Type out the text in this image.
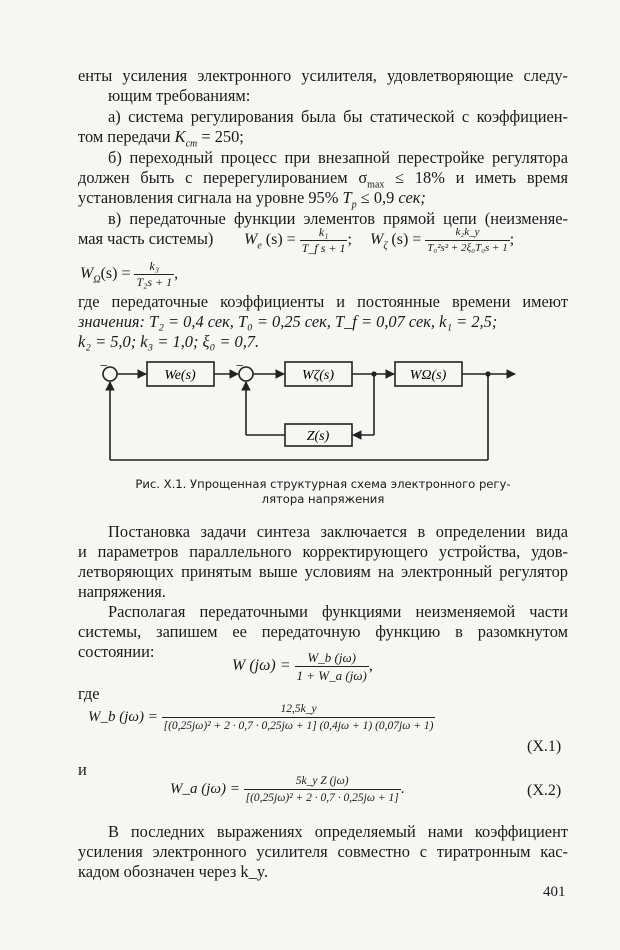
енты усиления электронного усилителя, удовлетворяющие следу-
ющим требованиям:
а) система регулирования была бы статической с коэффициен-
том передачи $K_{ст} = 250$;
б) переходный процесс при внезапной перестройке регулятора
должен быть с перерегулированием $\sigma_{max} \le 18\%$ и иметь время
установления сигнала на уровне 95% $T_p \le 0,9$ сек;
в) передаточные функции элементов прямой цепи (неизменяе-
мая часть системы)	$W_e$ $(s) = \frac{\text{k₁}}{\text{T\_f s + 1}}$ ; $W_\zeta$ $(s) = \frac{\text{k₂k\_y}}{\text{T₀²s² + 2ξ₀T₀s + 1}}$ ;
$W_\Omega(s) = \frac{\text{k₃}}{\text{T₂s + 1}}$ ,
где передаточные коэффициенты и постоянные времени имеют
значения: T₂ = 0,4 сек, T₀ = 0,25 сек, T_f = 0,07 сек, k₁ = 2,5;
k₂ = 5,0; k₃ = 1,0; ξ₀ = 0,7.
−	−
We(s)	Wζ(s)	WΩ(s)
Z(s)
Рис. X.1. Упрощенная структурная схема электронного регу-
лятора напряжения
Постановка задачи синтеза заключается в определении вида
и параметров параллельного корректирующего устройства, удов-
летворяющих принятым выше условиям на электронный регулятор
напряжения.
Располагая передаточными функциями неизменяемой части
системы, запишем ее передаточную функцию в разомкнутом
состоянии:
W $(j\omega) = \frac{W\_b (j\omega)}{1 + W\_a (j\omega)}$ ,
где
W_b $(j\omega) = \frac{12,5k\_y}{\text{[(0,25jω)² + 2 · 0,7 · 0,25jω + 1] (0,4jω + 1) (0,07jω + 1)}}$
(X.1)
и
W_a $(j\omega) = \frac{\text{5k\_y Z (jω)}}{\text{[(0,25jω)² + 2 · 0,7 · 0,25jω + 1]}}$ .	(X.2)
В последних выражениях определяемый нами коэффициент
усиления электронного усилителя совместно с тиратронным кас-
кадом обозначен через k_y.
401
